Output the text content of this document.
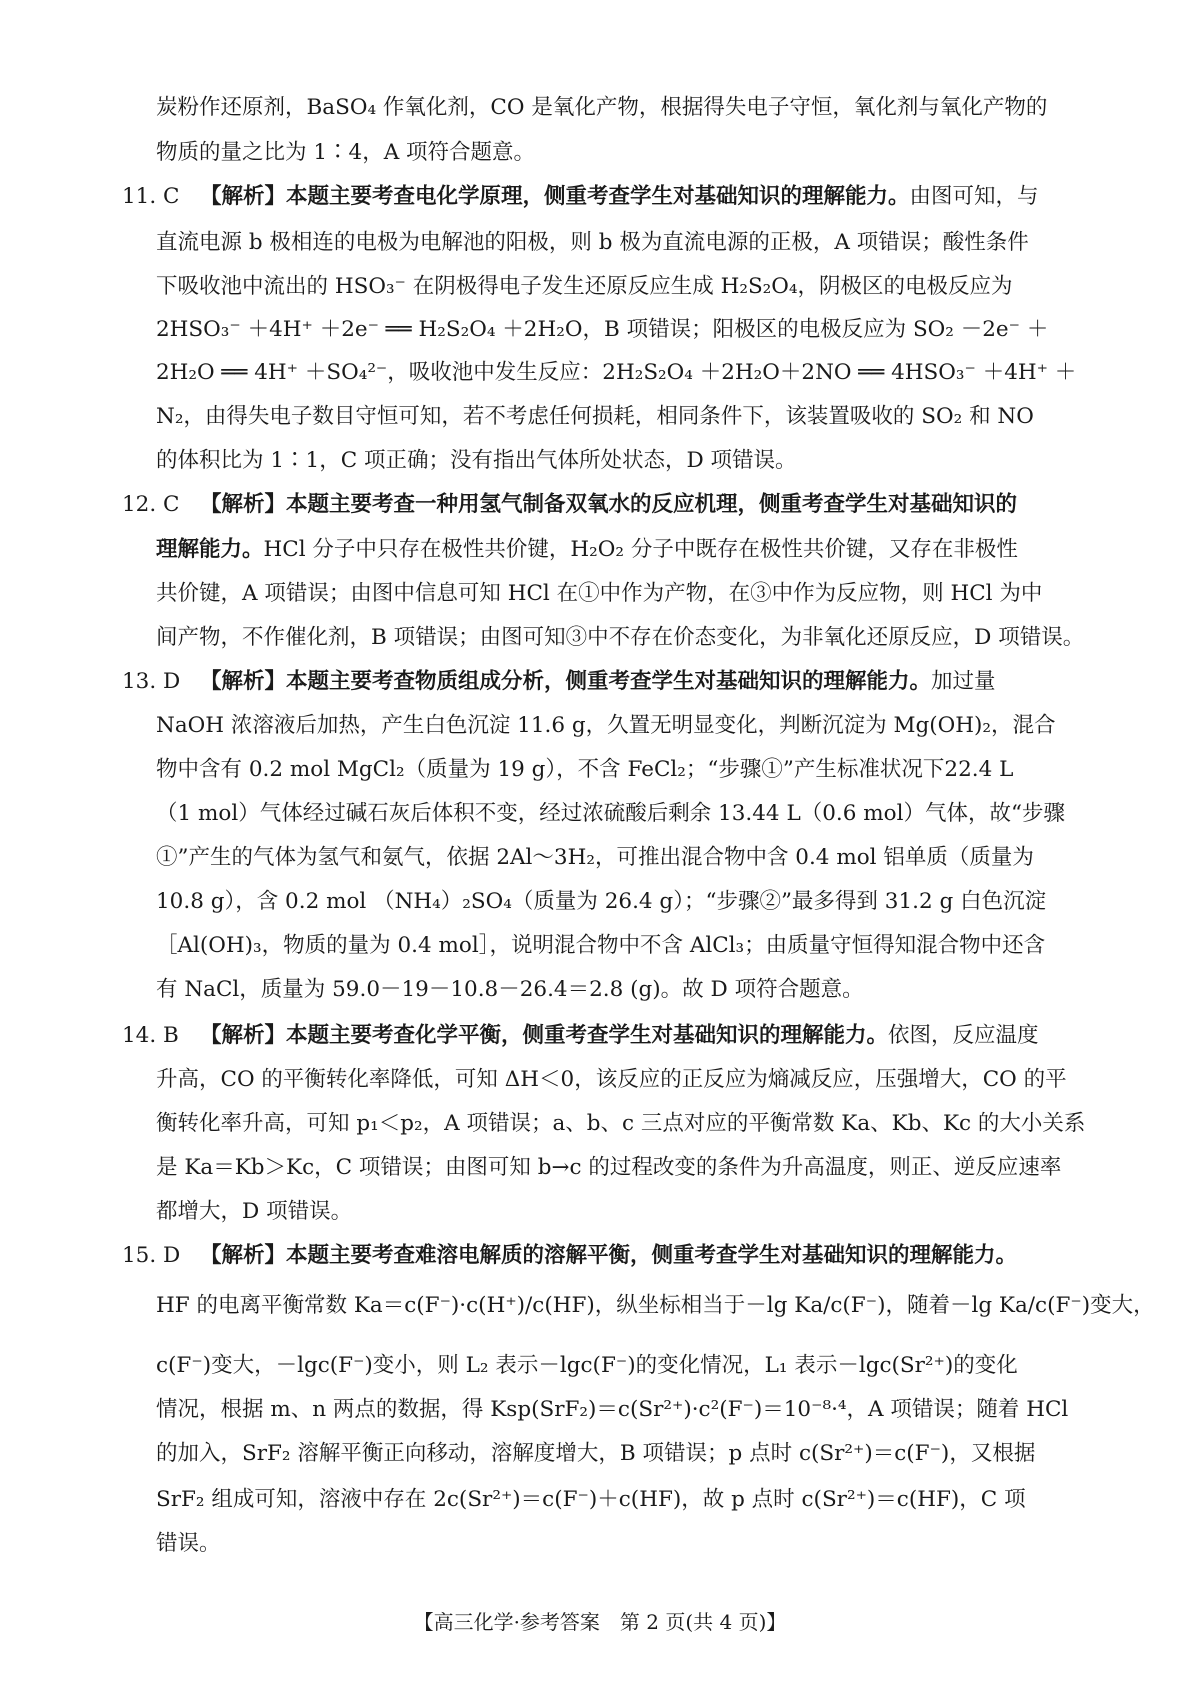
炭粉作还原剂，BaSO₄ 作氧化剂，CO 是氧化产物，根据得失电子守恒，氧化剂与氧化产物的
物质的量之比为 1∶4，A 项符合题意。
11. C 【解析】本题主要考查电化学原理，侧重考查学生对基础知识的理解能力。由图可知，与
直流电源 b 极相连的电极为电解池的阳极，则 b 极为直流电源的正极，A 项错误；酸性条件
下吸收池中流出的 HSO₃⁻ 在阴极得电子发生还原反应生成 H₂S₂O₄，阴极区的电极反应为
2HSO₃⁻ ＋4H⁺ ＋2e⁻ ══ H₂S₂O₄ ＋2H₂O，B 项错误；阳极区的电极反应为 SO₂ －2e⁻ ＋
2H₂O ══ 4H⁺ ＋SO₄²⁻，吸收池中发生反应：2H₂S₂O₄ ＋2H₂O＋2NO ══ 4HSO₃⁻ ＋4H⁺ ＋
N₂，由得失电子数目守恒可知，若不考虑任何损耗，相同条件下，该装置吸收的 SO₂ 和 NO
的体积比为 1∶1，C 项正确；没有指出气体所处状态，D 项错误。
12. C 【解析】本题主要考查一种用氢气制备双氧水的反应机理，侧重考查学生对基础知识的
理解能力。HCl 分子中只存在极性共价键，H₂O₂ 分子中既存在极性共价键，又存在非极性
共价键，A 项错误；由图中信息可知 HCl 在①中作为产物，在③中作为反应物，则 HCl 为中
间产物，不作催化剂，B 项错误；由图可知③中不存在价态变化，为非氧化还原反应，D 项错误。
13. D 【解析】本题主要考查物质组成分析，侧重考查学生对基础知识的理解能力。加过量
NaOH 浓溶液后加热，产生白色沉淀 11.6 g，久置无明显变化，判断沉淀为 Mg(OH)₂，混合
物中含有 0.2 mol MgCl₂（质量为 19 g），不含 FeCl₂；“步骤①”产生标准状况下22.4 L
（1 mol）气体经过碱石灰后体积不变，经过浓硫酸后剩余 13.44 L（0.6 mol）气体，故“步骤
①”产生的气体为氢气和氨气，依据 2Al～3H₂，可推出混合物中含 0.4 mol 铝单质（质量为
10.8 g），含 0.2 mol （NH₄）₂SO₄（质量为 26.4 g）；“步骤②”最多得到 31.2 g 白色沉淀
［Al(OH)₃，物质的量为 0.4 mol］，说明混合物中不含 AlCl₃；由质量守恒得知混合物中还含
有 NaCl，质量为 59.0－19－10.8－26.4＝2.8 (g)。故 D 项符合题意。
14. B 【解析】本题主要考查化学平衡，侧重考查学生对基础知识的理解能力。依图，反应温度
升高，CO 的平衡转化率降低，可知 ΔH＜0，该反应的正反应为熵减反应，压强增大，CO 的平
衡转化率升高，可知 p₁＜p₂，A 项错误；a、b、c 三点对应的平衡常数 Ka、Kb、Kc 的大小关系
是 Ka＝Kb＞Kc，C 项错误；由图可知 b→c 的过程改变的条件为升高温度，则正、逆反应速率
都增大，D 项错误。
15. D 【解析】本题主要考查难溶电解质的溶解平衡，侧重考查学生对基础知识的理解能力。
HF 的电离平衡常数 Ka＝c(F⁻)·c(H⁺)/c(HF)，纵坐标相当于－lg Ka/c(F⁻)，随着－lg Ka/c(F⁻)变大，
c(F⁻)变大，－lgc(F⁻)变小，则 L₂ 表示－lgc(F⁻)的变化情况，L₁ 表示－lgc(Sr²⁺)的变化
情况，根据 m、n 两点的数据，得 Ksp(SrF₂)＝c(Sr²⁺)·c²(F⁻)＝10⁻⁸·⁴，A 项错误；随着 HCl
的加入，SrF₂ 溶解平衡正向移动，溶解度增大，B 项错误；p 点时 c(Sr²⁺)＝c(F⁻)，又根据
SrF₂ 组成可知，溶液中存在 2c(Sr²⁺)＝c(F⁻)＋c(HF)，故 p 点时 c(Sr²⁺)＝c(HF)，C 项
错误。
【高三化学·参考答案　第 2 页(共 4 页)】
